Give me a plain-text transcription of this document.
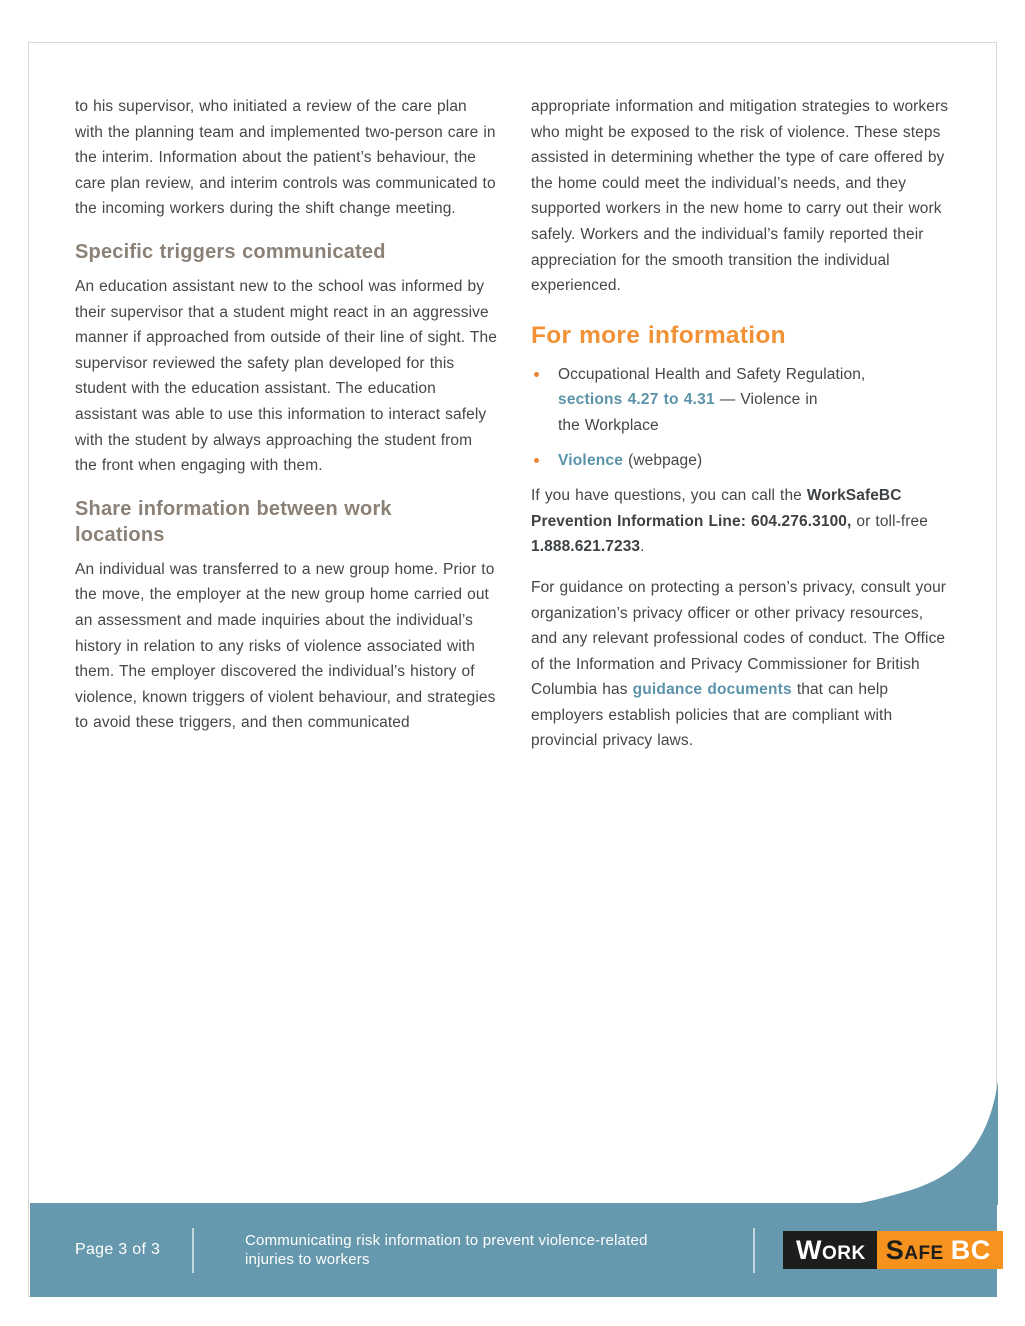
to his supervisor, who initiated a review of the care plan with the planning team and implemented two-person care in the interim. Information about the patient’s behaviour, the care plan review, and interim controls was communicated to the incoming workers during the shift change meeting.

Specific triggers communicated

An education assistant new to the school was informed by their supervisor that a student might react in an aggressive manner if approached from outside of their line of sight. The supervisor reviewed the safety plan developed for this student with the education assistant. The education assistant was able to use this information to interact safely with the student by always approaching the student from the front when engaging with them.

Share information between work locations

An individual was transferred to a new group home. Prior to the move, the employer at the new group home carried out an assessment and made inquiries about the individual’s history in relation to any risks of violence associated with them. The employer discovered the individual’s history of violence, known triggers of violent behaviour, and strategies to avoid these triggers, and then communicated

appropriate information and mitigation strategies to workers who might be exposed to the risk of violence. These steps assisted in determining whether the type of care offered by the home could meet the individual’s needs, and they supported workers in the new home to carry out their work safely. Workers and the individual’s family reported their appreciation for the smooth transition the individual experienced.

For more information
Occupational Health and Safety Regulation,
sections 4.27 to 4.31 — Violence in
the Workplace
Violence (webpage)

If you have questions, you can call the WorkSafeBC Prevention Information Line: 604.276.3100, or toll-free 1.888.621.7233.

For guidance on protecting a person’s privacy, consult your organization’s privacy officer or other privacy resources, and any relevant professional codes of conduct. The Office of the Information and Privacy Commissioner for British Columbia has guidance documents that can help employers establish policies that are compliant with provincial privacy laws.

Page 3 of 3
Communicating risk information to prevent violence-related
injuries to workers	Work Safe BC
